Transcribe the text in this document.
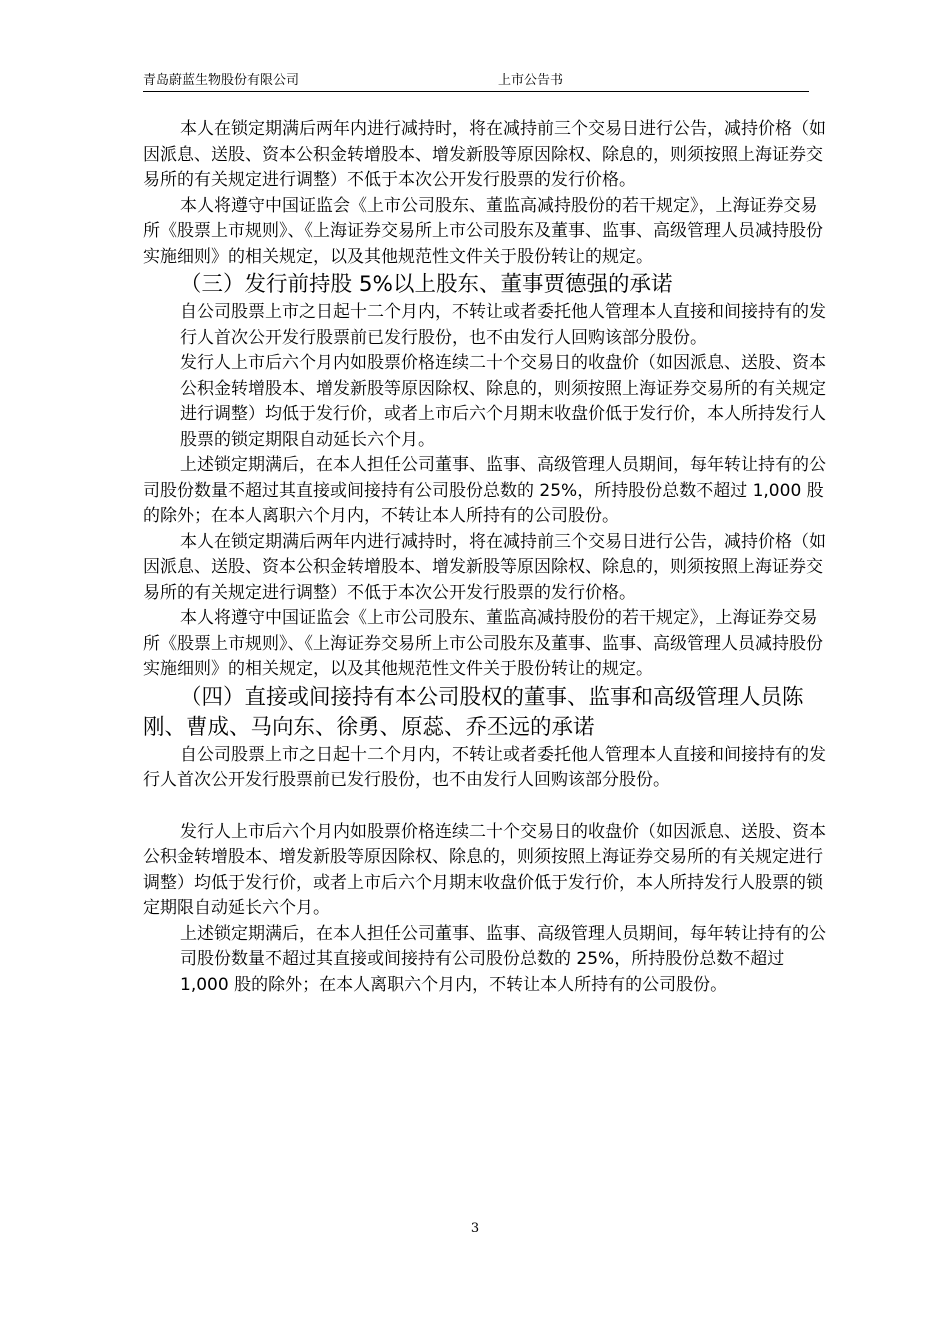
青岛蔚蓝生物股份有限公司	上市公告书

本人在锁定期满后两年内进行减持时，将在减持前三个交易日进行公告，减持价格（如因派息、送股、资本公积金转增股本、增发新股等原因除权、除息的，则须按照上海证券交易所的有关规定进行调整）不低于本次公开发行股票的发行价格。

本人将遵守中国证监会《上市公司股东、董监高减持股份的若干规定》，上海证券交易所《股票上市规则》、《上海证券交易所上市公司股东及董事、监事、高级管理人员减持股份实施细则》的相关规定，以及其他规范性文件关于股份转让的规定。

（三）发行前持股 5%以上股东、董事贾德强的承诺

自公司股票上市之日起十二个月内，不转让或者委托他人管理本人直接和间接持有的发行人首次公开发行股票前已发行股份，也不由发行人回购该部分股份。

发行人上市后六个月内如股票价格连续二十个交易日的收盘价（如因派息、送股、资本公积金转增股本、增发新股等原因除权、除息的，则须按照上海证券交易所的有关规定进行调整）均低于发行价，或者上市后六个月期末收盘价低于发行价，本人所持发行人股票的锁定期限自动延长六个月。

上述锁定期满后，在本人担任公司董事、监事、高级管理人员期间，每年转让持有的公司股份数量不超过其直接或间接持有公司股份总数的 25%，所持股份总数不超过 1,000 股的除外；在本人离职六个月内，不转让本人所持有的公司股份。

本人在锁定期满后两年内进行减持时，将在减持前三个交易日进行公告，减持价格（如因派息、送股、资本公积金转增股本、增发新股等原因除权、除息的，则须按照上海证券交易所的有关规定进行调整）不低于本次公开发行股票的发行价格。

本人将遵守中国证监会《上市公司股东、董监高减持股份的若干规定》，上海证券交易所《股票上市规则》、《上海证券交易所上市公司股东及董事、监事、高级管理人员减持股份实施细则》的相关规定，以及其他规范性文件关于股份转让的规定。

（四）直接或间接持有本公司股权的董事、监事和高级管理人员陈刚、曹成、马向东、徐勇、原蕊、乔丕远的承诺

自公司股票上市之日起十二个月内，不转让或者委托他人管理本人直接和间接持有的发行人首次公开发行股票前已发行股份，也不由发行人回购该部分股份。

发行人上市后六个月内如股票价格连续二十个交易日的收盘价（如因派息、送股、资本公积金转增股本、增发新股等原因除权、除息的，则须按照上海证券交易所的有关规定进行调整）均低于发行价，或者上市后六个月期末收盘价低于发行价，本人所持发行人股票的锁定期限自动延长六个月。

上述锁定期满后，在本人担任公司董事、监事、高级管理人员期间，每年转让持有的公司股份数量不超过其直接或间接持有公司股份总数的 25%，所持股份总数不超过 1,000 股的除外；在本人离职六个月内，不转让本人所持有的公司股份。

3
